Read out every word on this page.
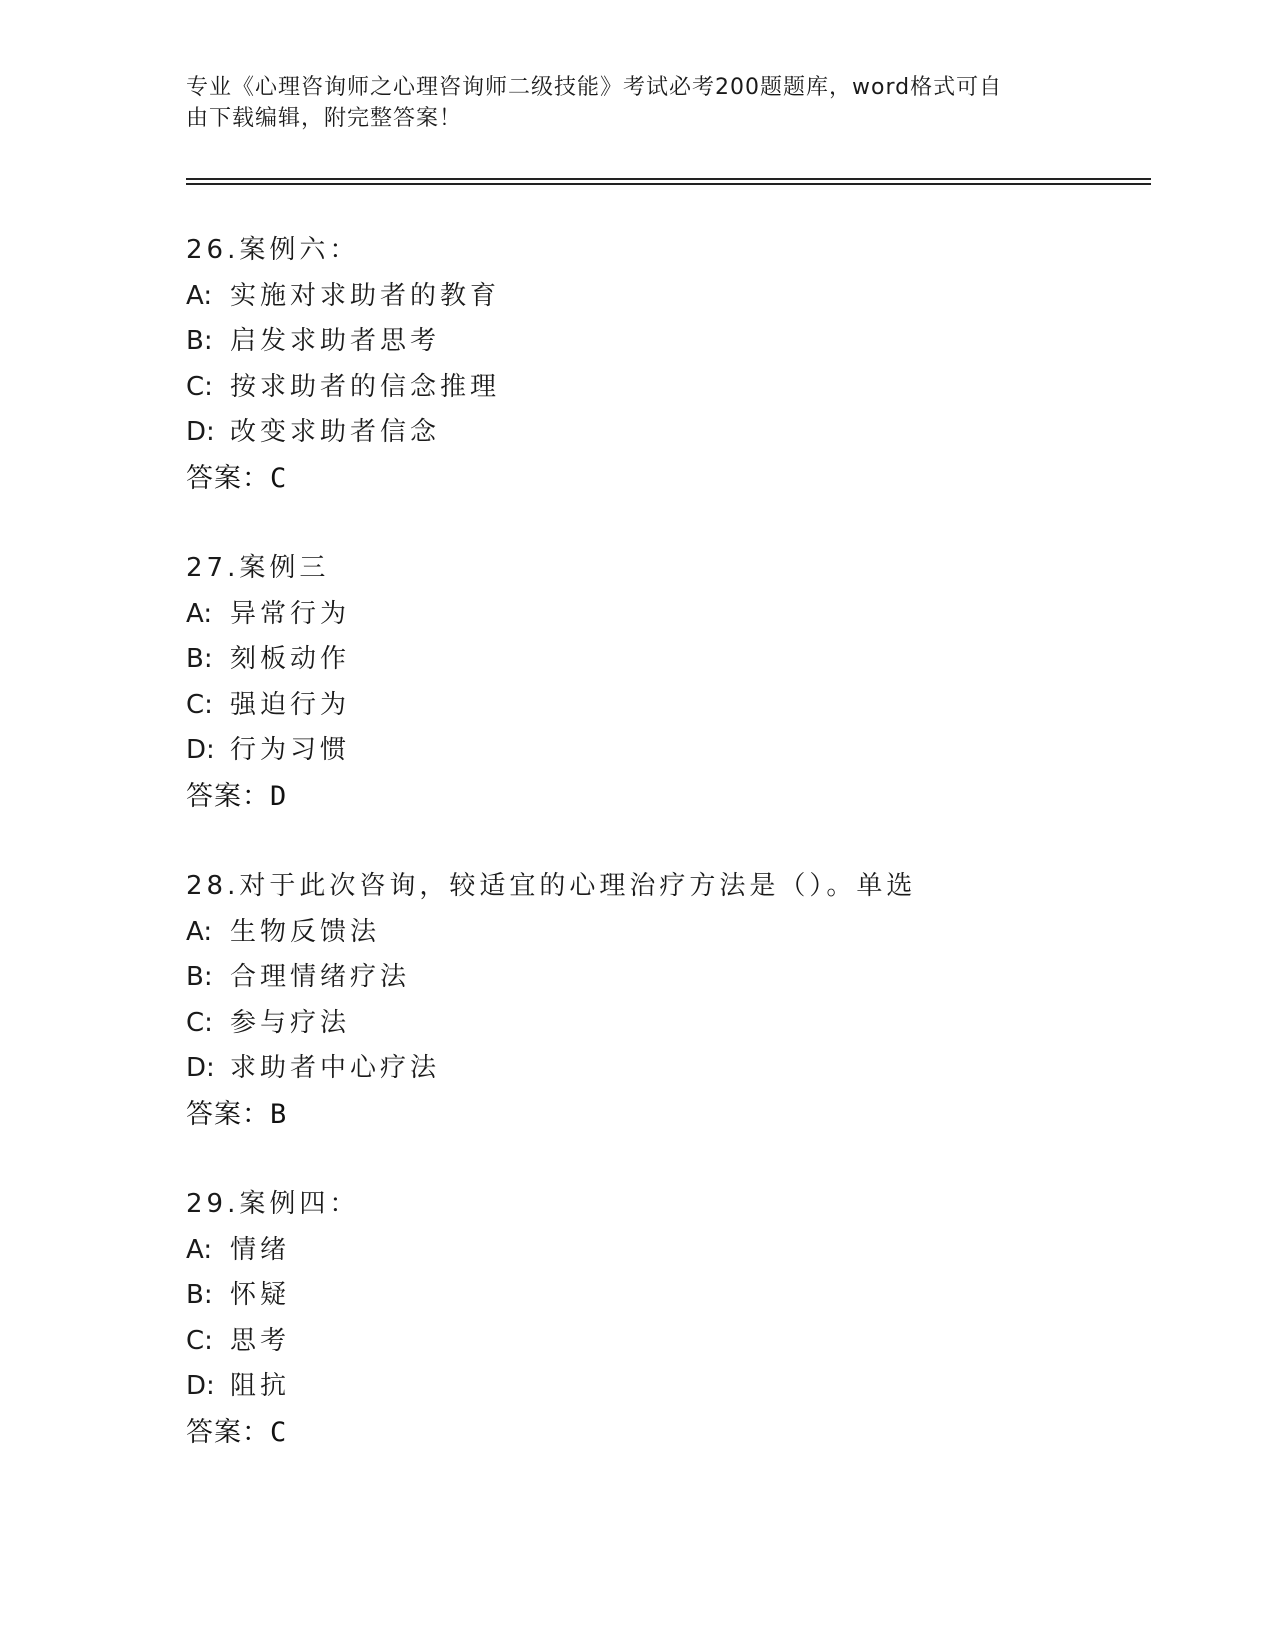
专业《心理咨询师之心理咨询师二级技能》考试必考200题题库，word格式可自
由下载编辑，附完整答案！
26.案例六：
A: 实施对求助者的教育
B: 启发求助者思考
C: 按求助者的信念推理
D: 改变求助者信念
答案：C
27.案例三
A: 异常行为
B: 刻板动作
C: 强迫行为
D: 行为习惯
答案：D
28.对于此次咨询，较适宜的心理治疗方法是（）。单选
A: 生物反馈法
B: 合理情绪疗法
C: 参与疗法
D: 求助者中心疗法
答案：B
29.案例四：
A: 情绪
B: 怀疑
C: 思考
D: 阻抗
答案：C
